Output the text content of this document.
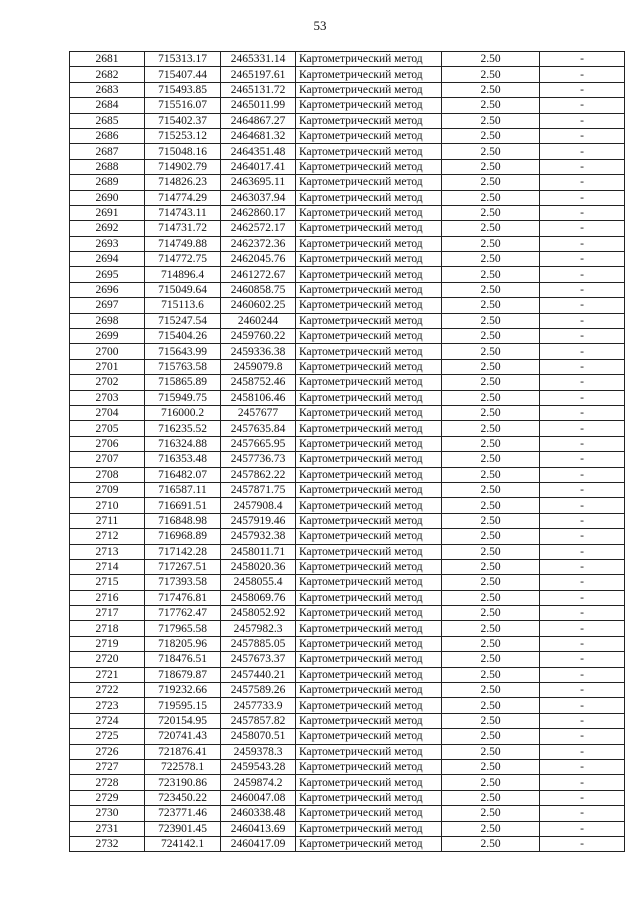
53
2681	715313.17	2465331.14	Картометрический метод	2.50	-
2682	715407.44	2465197.61	Картометрический метод	2.50	-
2683	715493.85	2465131.72	Картометрический метод	2.50	-
2684	715516.07	2465011.99	Картометрический метод	2.50	-
2685	715402.37	2464867.27	Картометрический метод	2.50	-
2686	715253.12	2464681.32	Картометрический метод	2.50	-
2687	715048.16	2464351.48	Картометрический метод	2.50	-
2688	714902.79	2464017.41	Картометрический метод	2.50	-
2689	714826.23	2463695.11	Картометрический метод	2.50	-
2690	714774.29	2463037.94	Картометрический метод	2.50	-
2691	714743.11	2462860.17	Картометрический метод	2.50	-
2692	714731.72	2462572.17	Картометрический метод	2.50	-
2693	714749.88	2462372.36	Картометрический метод	2.50	-
2694	714772.75	2462045.76	Картометрический метод	2.50	-
2695	714896.4	2461272.67	Картометрический метод	2.50	-
2696	715049.64	2460858.75	Картометрический метод	2.50	-
2697	715113.6	2460602.25	Картометрический метод	2.50	-
2698	715247.54	2460244	Картометрический метод	2.50	-
2699	715404.26	2459760.22	Картометрический метод	2.50	-
2700	715643.99	2459336.38	Картометрический метод	2.50	-
2701	715763.58	2459079.8	Картометрический метод	2.50	-
2702	715865.89	2458752.46	Картометрический метод	2.50	-
2703	715949.75	2458106.46	Картометрический метод	2.50	-
2704	716000.2	2457677	Картометрический метод	2.50	-
2705	716235.52	2457635.84	Картометрический метод	2.50	-
2706	716324.88	2457665.95	Картометрический метод	2.50	-
2707	716353.48	2457736.73	Картометрический метод	2.50	-
2708	716482.07	2457862.22	Картометрический метод	2.50	-
2709	716587.11	2457871.75	Картометрический метод	2.50	-
2710	716691.51	2457908.4	Картометрический метод	2.50	-
2711	716848.98	2457919.46	Картометрический метод	2.50	-
2712	716968.89	2457932.38	Картометрический метод	2.50	-
2713	717142.28	2458011.71	Картометрический метод	2.50	-
2714	717267.51	2458020.36	Картометрический метод	2.50	-
2715	717393.58	2458055.4	Картометрический метод	2.50	-
2716	717476.81	2458069.76	Картометрический метод	2.50	-
2717	717762.47	2458052.92	Картометрический метод	2.50	-
2718	717965.58	2457982.3	Картометрический метод	2.50	-
2719	718205.96	2457885.05	Картометрический метод	2.50	-
2720	718476.51	2457673.37	Картометрический метод	2.50	-
2721	718679.87	2457440.21	Картометрический метод	2.50	-
2722	719232.66	2457589.26	Картометрический метод	2.50	-
2723	719595.15	2457733.9	Картометрический метод	2.50	-
2724	720154.95	2457857.82	Картометрический метод	2.50	-
2725	720741.43	2458070.51	Картометрический метод	2.50	-
2726	721876.41	2459378.3	Картометрический метод	2.50	-
2727	722578.1	2459543.28	Картометрический метод	2.50	-
2728	723190.86	2459874.2	Картометрический метод	2.50	-
2729	723450.22	2460047.08	Картометрический метод	2.50	-
2730	723771.46	2460338.48	Картометрический метод	2.50	-
2731	723901.45	2460413.69	Картометрический метод	2.50	-
2732	724142.1	2460417.09	Картометрический метод	2.50	-
